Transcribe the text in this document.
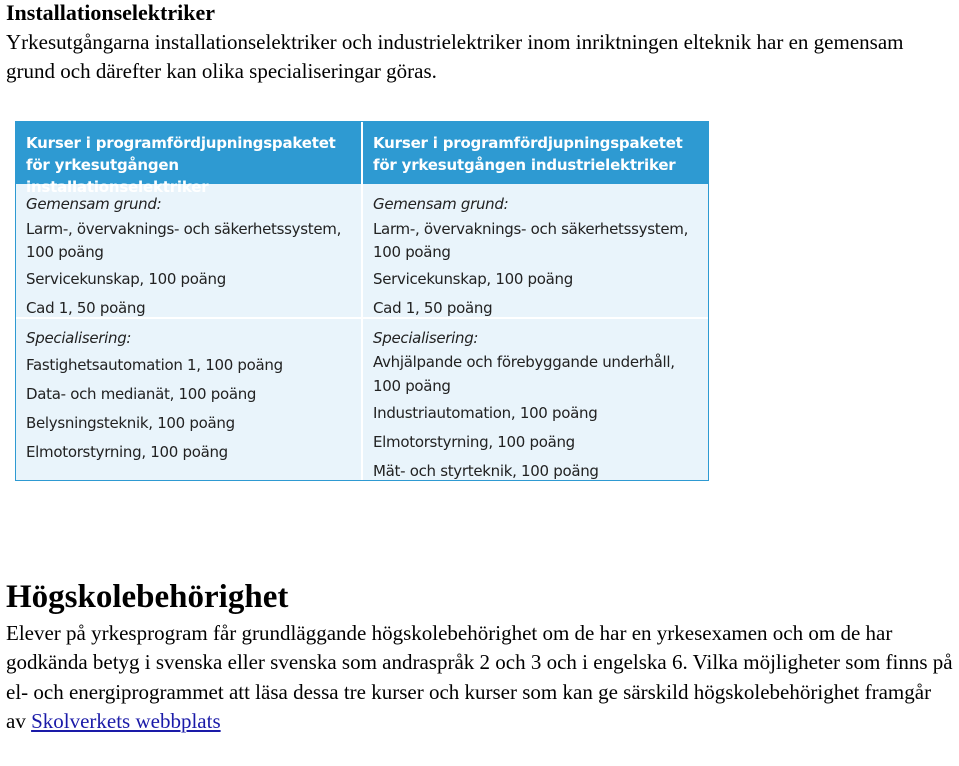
Installationselektriker

Yrkesutgångarna installationselektriker och industrielektriker inom inriktningen elteknik har en gemensam grund och därefter kan olika specialiseringar göras.

Kurser i programfördjupningspaketet för yrkesutgången installationselektriker
Kurser i programfördjupningspaketet för yrkesutgången industrielektriker
Gemensam grund:
Larm-, övervaknings- och säkerhetssystem,
100 poäng
Servicekunskap, 100 poäng
Cad 1, 50 poäng
Specialisering:
Fastighetsautomation 1, 100 poäng
Data- och medianät, 100 poäng
Belysningsteknik, 100 poäng
Elmotorstyrning, 100 poäng
Gemensam grund:
Larm-, övervaknings- och säkerhetssystem,
100 poäng
Servicekunskap, 100 poäng
Cad 1, 50 poäng
Specialisering:
Avhjälpande och förebyggande underhåll,
100 poäng
Industriautomation, 100 poäng
Elmotorstyrning, 100 poäng
Mät- och styrteknik, 100 poäng
Högskolebehörighet

Elever på yrkesprogram får grundläggande högskolebehörighet om de har en yrkesexamen och om de har godkända betyg i svenska eller svenska som andraspråk 2 och 3 och i engelska 6. Vilka möjligheter som finns på el- och energiprogrammet att läsa dessa tre kurser och kurser som kan ge särskild högskolebehörighet framgår av Skolverkets webbplats
